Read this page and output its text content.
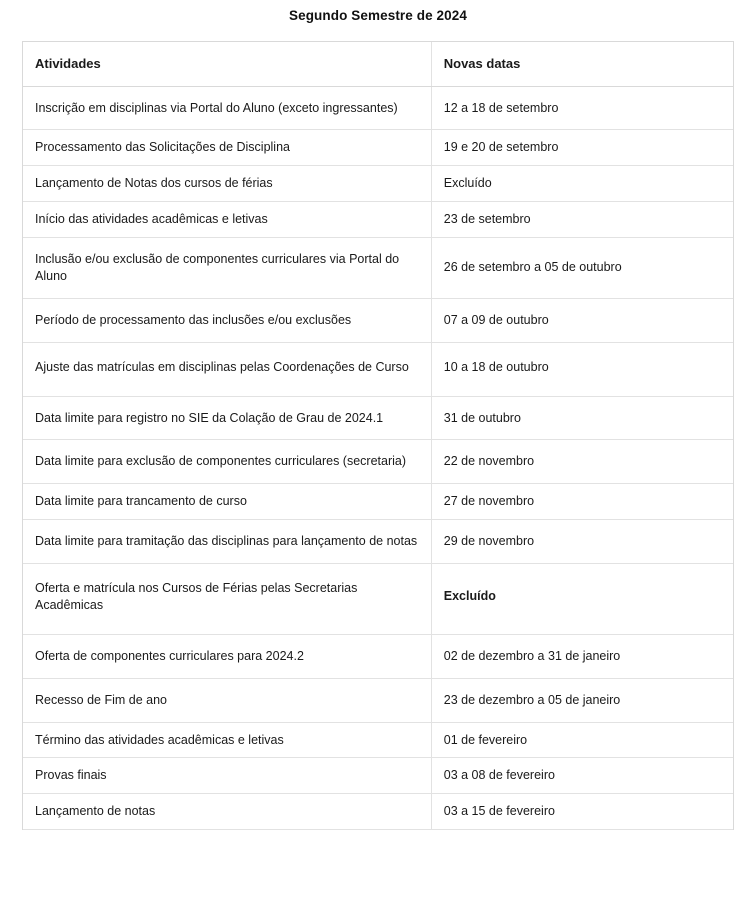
Segundo Semestre de 2024
Atividades	Novas datas
Inscrição em disciplinas via Portal do Aluno (exceto ingressantes)	12 a 18 de setembro
Processamento das Solicitações de Disciplina	19 e 20 de setembro
Lançamento de Notas dos cursos de férias	Excluído
Início das atividades acadêmicas e letivas	23 de setembro
Inclusão e/ou exclusão de componentes curriculares via Portal do Aluno	26 de setembro a 05 de outubro
Período de processamento das inclusões e/ou exclusões	07 a 09 de outubro
Ajuste das matrículas em disciplinas pelas Coordenações de Curso	10 a 18 de outubro
Data limite para registro no SIE da Colação de Grau de 2024.1	31 de outubro
Data limite para exclusão de componentes curriculares (secretaria)	22 de novembro
Data limite para trancamento de curso	27 de novembro
Data limite para tramitação das disciplinas para lançamento de notas	29 de novembro
Oferta e matrícula nos Cursos de Férias pelas Secretarias Acadêmicas	Excluído
Oferta de componentes curriculares para 2024.2	02 de dezembro a 31 de janeiro
Recesso de Fim de ano	23 de dezembro a 05 de janeiro
Término das atividades acadêmicas e letivas	01 de fevereiro
Provas finais	03 a 08 de fevereiro
Lançamento de notas	03 a 15 de fevereiro
